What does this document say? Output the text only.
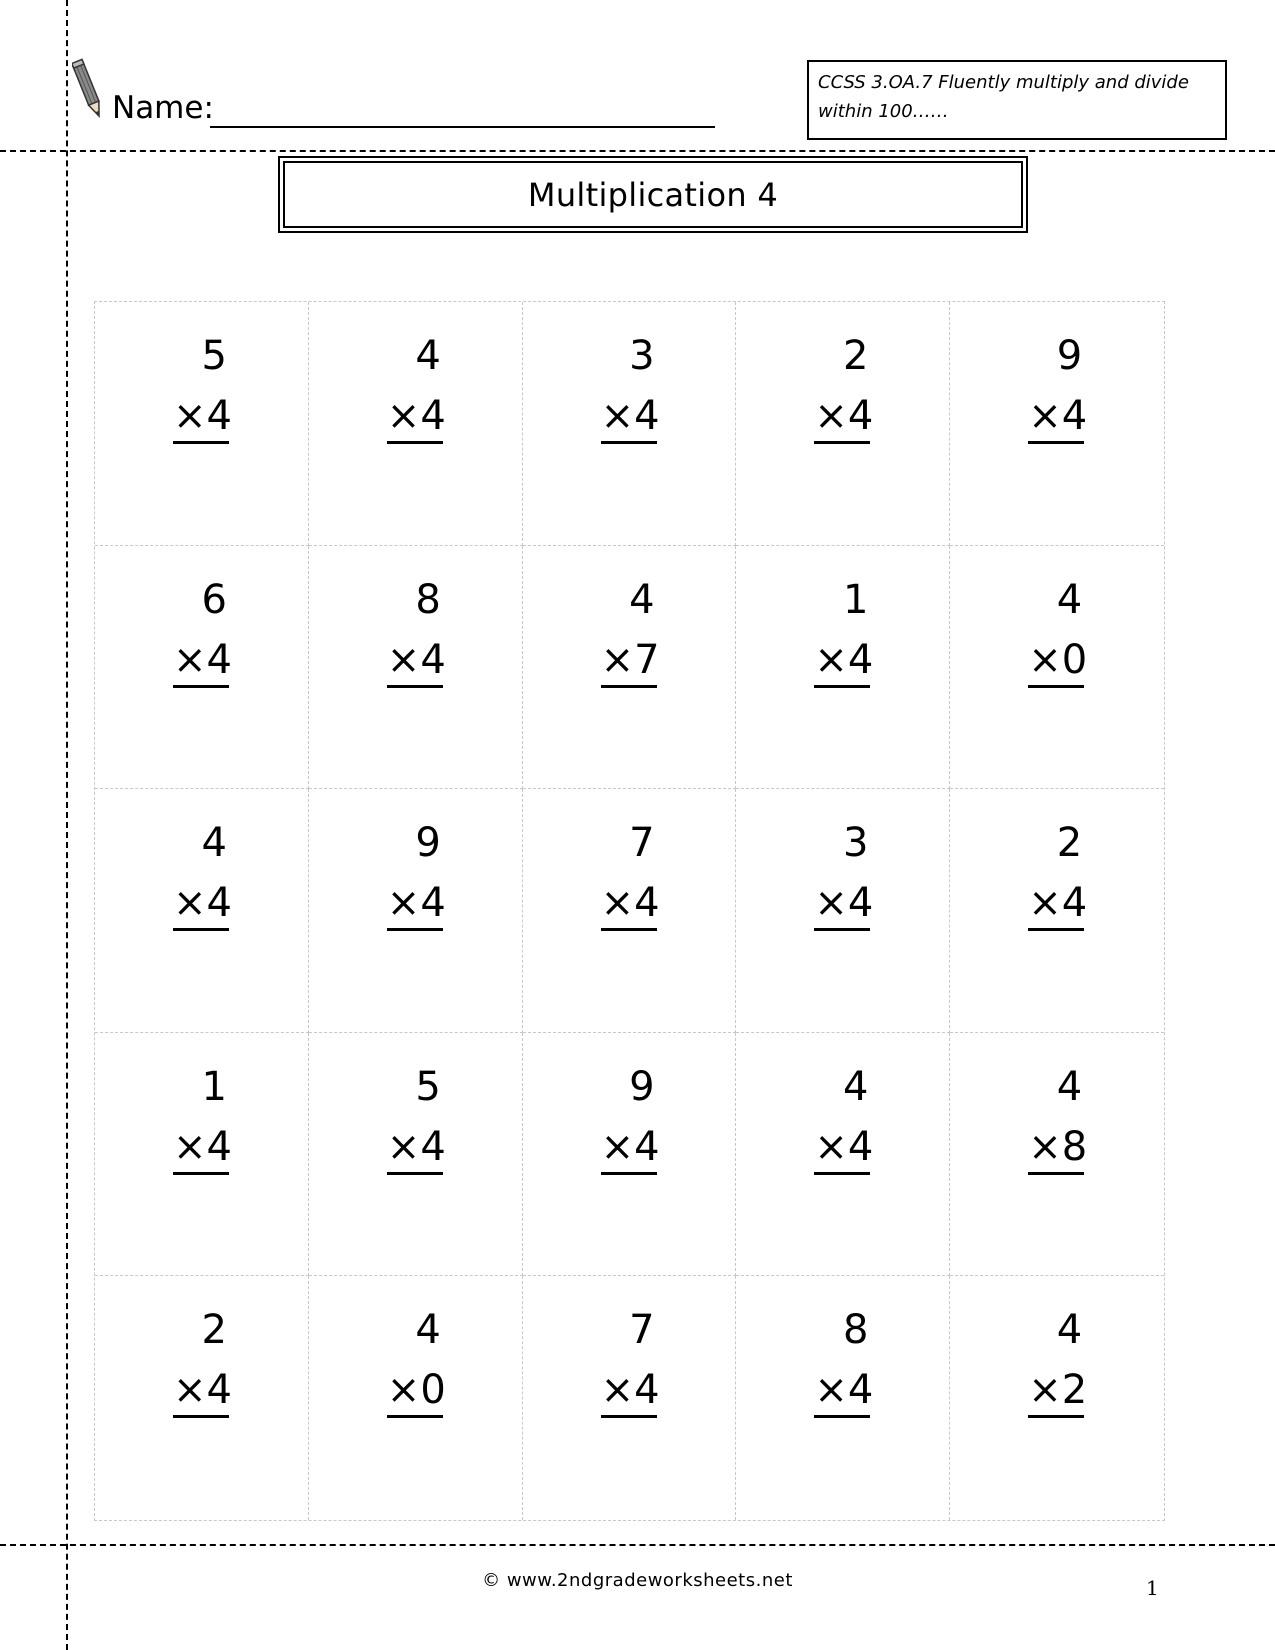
Name:
CCSS 3.OA.7 Fluently multiply and divide
within 100……
Multiplication 4
5
×4
4
×4
3
×4
2
×4
9
×4
6
×4
8
×4
4
×7
1
×4
4
×0
4
×4
9
×4
7
×4
3
×4
2
×4
1
×4
5
×4
9
×4
4
×4
4
×8
2
×4
4
×0
7
×4
8
×4
4
×2
© www.2ndgradeworksheets.net	1
